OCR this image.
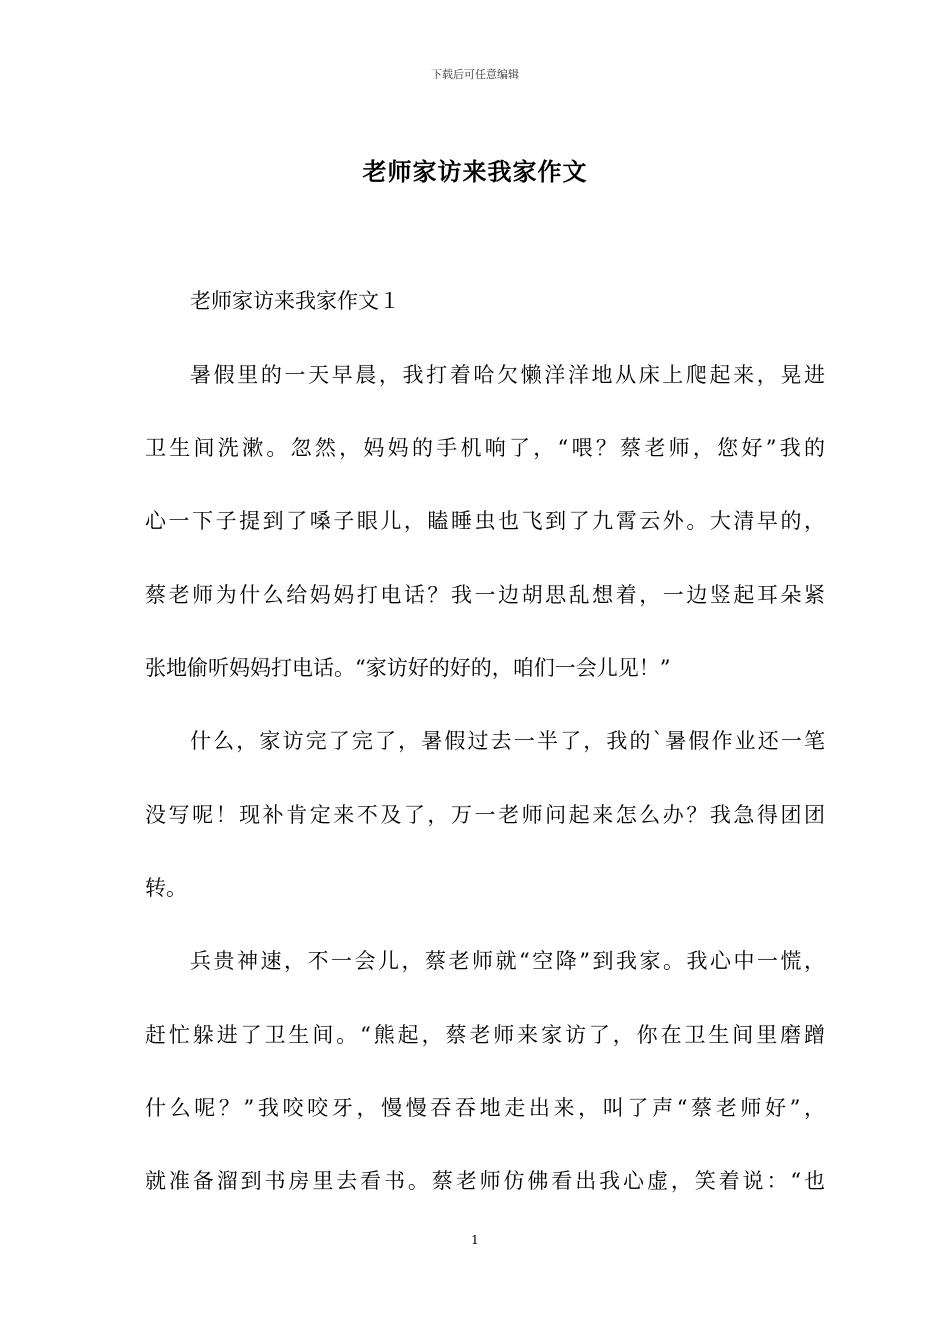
下载后可任意编辑
老师家访来我家作文
老师家访来我家作文１
暑假里的一天早晨，我打着哈欠懒洋洋地从床上爬起来，晃进
卫生间洗漱。忽然，妈妈的手机响了，“喂？蔡老师，您好”我的
心一下子提到了嗓子眼儿，瞌睡虫也飞到了九霄云外。大清早的，
蔡老师为什么给妈妈打电话？我一边胡思乱想着，一边竖起耳朵紧
张地偷听妈妈打电话。“家访好的好的，咱们一会儿见！”
什么，家访完了完了，暑假过去一半了，我的`暑假作业还一笔
没写呢！现补肯定来不及了，万一老师问起来怎么办？我急得团团
转。
兵贵神速，不一会儿，蔡老师就“空降”到我家。我心中一慌，
赶忙躲进了卫生间。“熊起，蔡老师来家访了，你在卫生间里磨蹭
什么呢？”我咬咬牙，慢慢吞吞地走出来，叫了声“蔡老师好”，
就准备溜到书房里去看书。蔡老师仿佛看出我心虚，笑着说：“也
1
